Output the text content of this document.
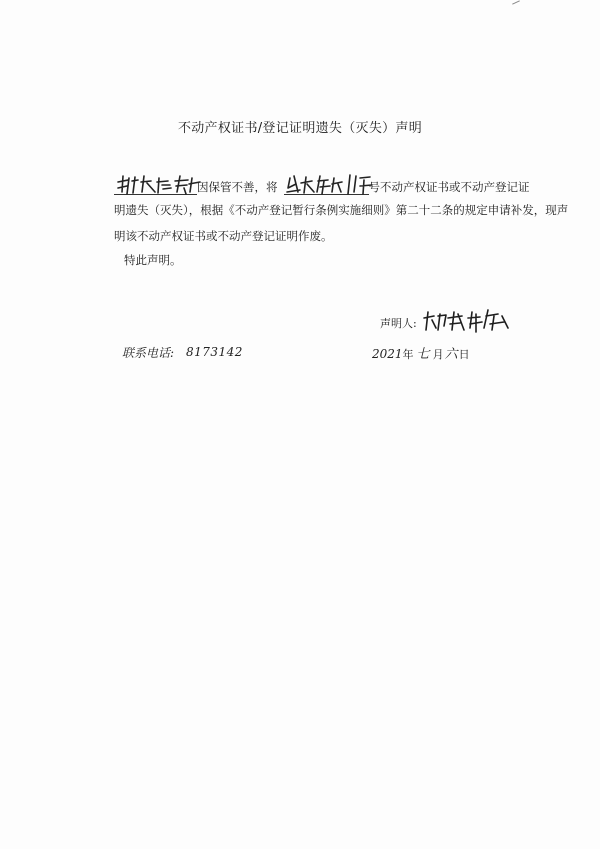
不动产权证书/登记证明遗失（灭失）声明
因保管不善，将	号不动产权证书或不动产登记证
明遗失（灭失），根据《不动产登记暂行条例实施细则》第二十二条的规定申请补发，现声
明该不动产权证书或不动产登记证明作废。
特此声明。
声明人:
联系电话: 8173142	2021年 七 月六日
